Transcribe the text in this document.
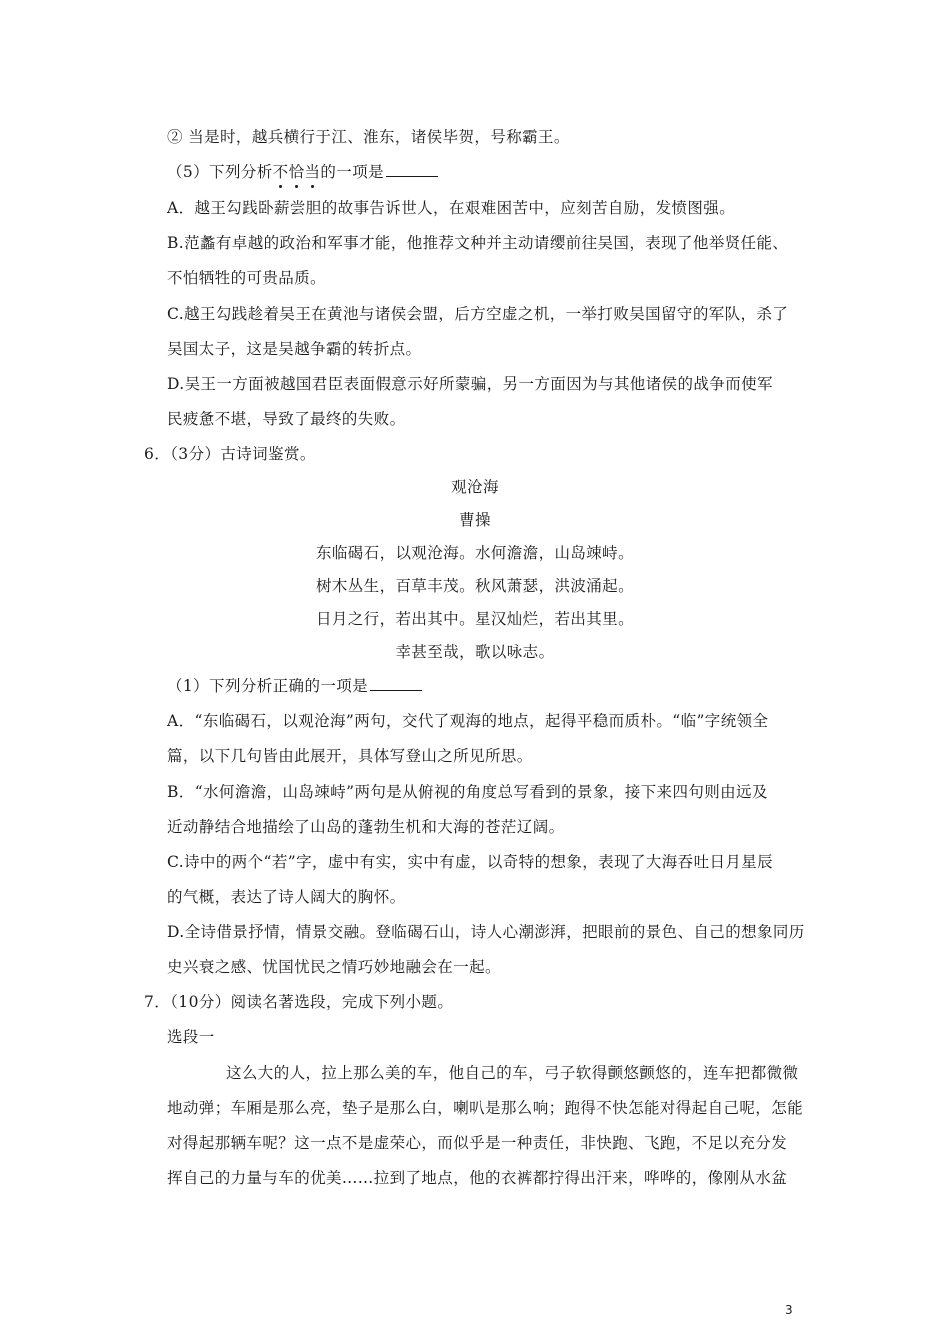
② 当是时，越兵横行于江、淮东，诸侯毕贺，号称霸王。
（5）下列分析不恰当的一项是
A．越王勾践卧薪尝胆的故事告诉世人，在艰难困苦中，应刻苦自励，发愤图强。
B.范蠡有卓越的政治和军事才能，他推荐文种并主动请缨前往吴国，表现了他举贤任能、
不怕牺牲的可贵品质。
C.越王勾践趁着吴王在黄池与诸侯会盟，后方空虚之机，一举打败吴国留守的军队，杀了
吴国太子，这是吴越争霸的转折点。
D.吴王一方面被越国君臣表面假意示好所蒙骗，另一方面因为与其他诸侯的战争而使军
民疲惫不堪，导致了最终的失败。
6．（3分）古诗词鉴赏。
观沧海
曹操
东临碣石，以观沧海。水何澹澹，山岛竦峙。
树木丛生，百草丰茂。秋风萧瑟，洪波涌起。
日月之行，若出其中。星汉灿烂，若出其里。
幸甚至哉，歌以咏志。
（1）下列分析正确的一项是
A．“东临碣石，以观沧海”两句，交代了观海的地点，起得平稳而质朴。“临”字统领全
篇，以下几句皆由此展开，具体写登山之所见所思。
B．“水何澹澹，山岛竦峙”两句是从俯视的角度总写看到的景象，接下来四句则由远及
近动静结合地描绘了山岛的蓬勃生机和大海的苍茫辽阔。
C.诗中的两个“若”字，虚中有实，实中有虚，以奇特的想象，表现了大海吞吐日月星辰
的气概，表达了诗人阔大的胸怀。
D.全诗借景抒情，情景交融。登临碣石山，诗人心潮澎湃，把眼前的景色、自己的想象同历
史兴衰之感、忧国忧民之情巧妙地融会在一起。
7．（10分）阅读名著选段，完成下列小题。
选段一
这么大的人，拉上那么美的车，他自己的车，弓子软得颤悠颤悠的，连车把都微微
地动弹；车厢是那么亮，垫子是那么白，喇叭是那么响；跑得不快怎能对得起自己呢，怎能
对得起那辆车呢？这一点不是虚荣心，而似乎是一种责任，非快跑、飞跑，不足以充分发
挥自己的力量与车的优美……拉到了地点，他的衣裤都拧得出汗来，哗哗的，像刚从水盆
3
